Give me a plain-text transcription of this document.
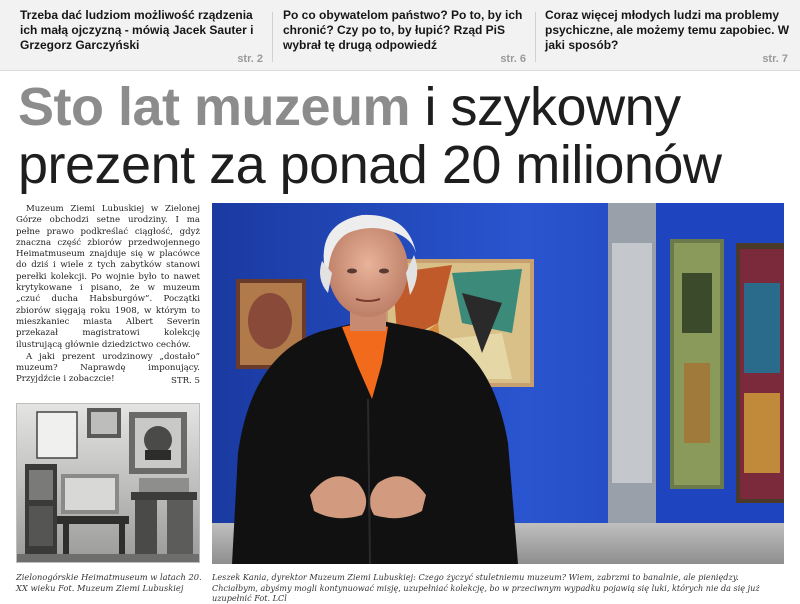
Trzeba dać ludziom możliwość rządzenia ich małą ojczyzną - mówią Jacek Sauter i Grzegorz Garczyński
str. 2
Po co obywatelom państwo? Po to, by ich chronić? Czy po to, by łupić? Rząd PiS wybrał tę drugą odpowiedź
str. 6
Coraz więcej młodych ludzi ma problemy psychiczne, ale możemy temu zapobiec. W jaki sposób?
str. 7
Sto lat muzeum i szykowny
prezent za ponad 20 milionów

Muzeum Ziemi Lubuskiej w Zielonej Górze obchodzi setne urodziny. I ma pełne prawo podkreślać ciągłość, gdyż znaczna część zbiorów przedwojennego Heimatmuseum znajduje się w placówce do dziś i wiele z tych zabytków stanowi perełki kolekcji. Po wojnie było to nawet krytykowane i pisano, że w muzeum „czuć ducha Habsburgów”. Początki zbiorów sięgają roku 1908, w którym to mieszkaniec miasta Albert Severin przekazał magistratowi kolekcję ilustrującą głównie dziedzictwo cechów.

A jaki prezent urodzinowy „dostało” muzeum? Naprawdę imponujący. Przyjdźcie i zobaczcie!	STR. 5
Zielonogórskie Heimatmuseum w latach 20. XX wieku Fot. Muzeum Ziemi Lubuskiej
Leszek Kania, dyrektor Muzeum Ziemi Lubuskiej: Czego życzyć stuletniemu muzeum? Wiem, zabrzmi to banalnie, ale pieniędzy. Chciałbym, abyśmy mogli kontynuować misję, uzupełniać kolekcję, bo w przeciwnym wypadku pojawią się luki, których nie da się już uzupełnić Fot. LCl
